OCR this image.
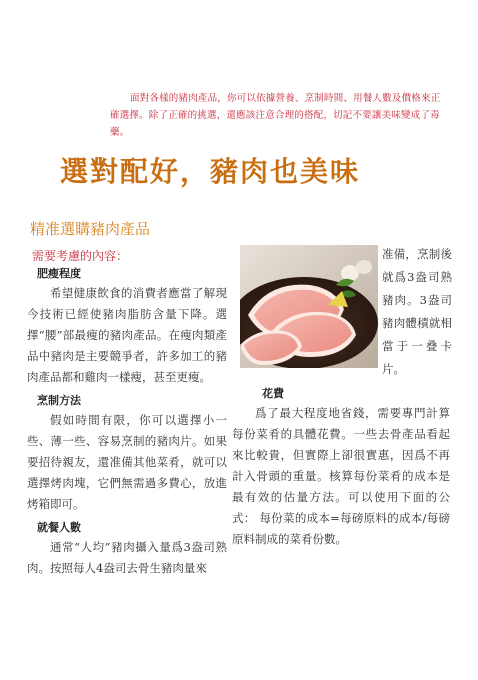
面對各樣的豬肉產品，你可以依據營養、烹制時間、用餐人數及價格來正確選擇。除了正確的挑選，還應該注意合理的搭配，切記不要讓美味變成了毒藥。
選對配好，豬肉也美味
精准選購豬肉產品
需要考慮的內容：
肥瘦程度

希望健康飲食的消費者應當了解現今技術已經使豬肉脂肪含量下降。選擇“腰”部最瘦的豬肉產品。在瘦肉類產品中豬肉是主要競爭者，許多加工的豬肉產品都和雞肉一樣瘦，甚至更瘦。

烹制方法

假如時間有限，你可以選擇小一些、薄一些、容易烹制的豬肉片。如果要招待親友，還准備其他菜肴，就可以選擇烤肉塊，它們無需過多費心，放進烤箱即可。

就餐人數

通常“人均”豬肉攝入量爲3盎司熟肉。按照每人4盎司去骨生豬肉量來

准備，烹制後就爲3盎司熟豬肉。3盎司豬肉體積就相當于一叠卡片。
花費

爲了最大程度地省錢，需要專門計算每份菜肴的具體花費。一些去骨產品看起來比較貴，但實際上卻很實惠，因爲不再計入骨頭的重量。核算每份菜肴的成本是最有效的估量方法。可以使用下面的公式： 每份菜的成本=每磅原料的成本/每磅原料制成的菜肴份數。
